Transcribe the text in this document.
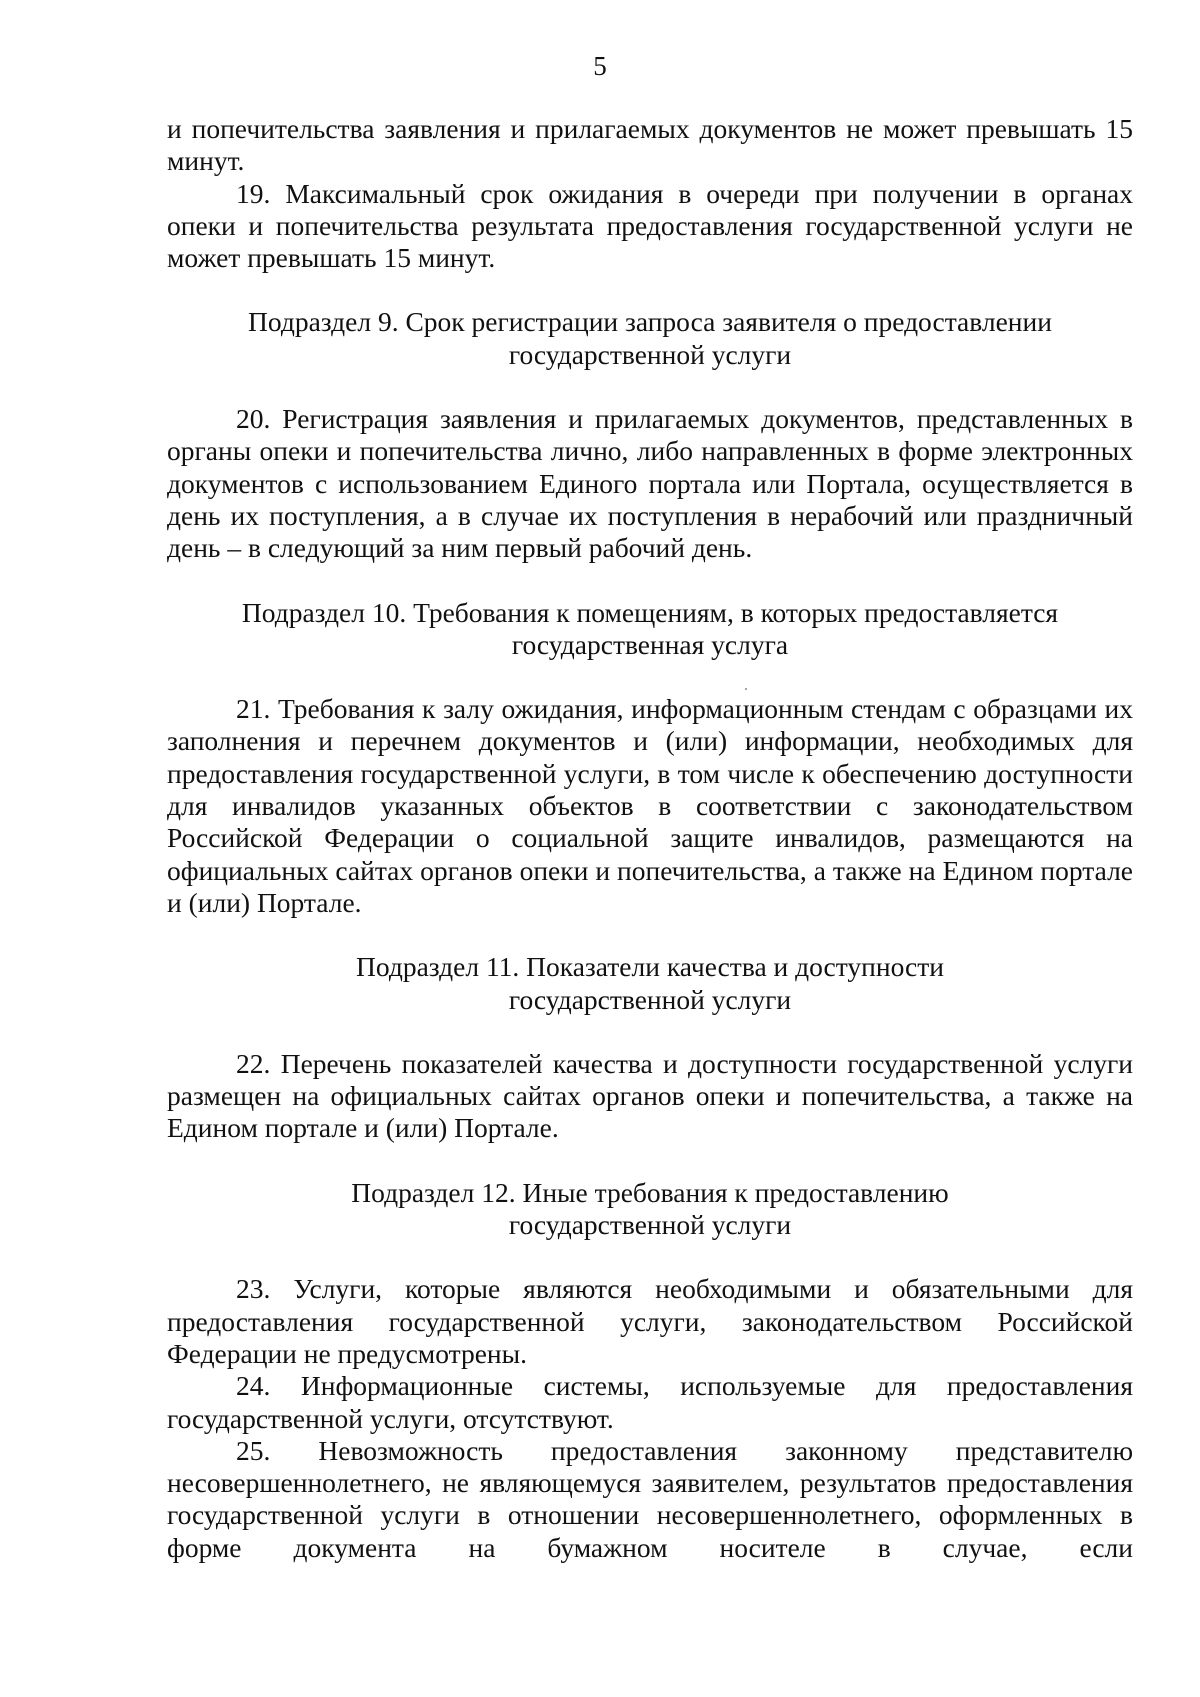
5

и попечительства заявления и прилагаемых документов не может превышать 15 минут.

19. Максимальный срок ожидания в очереди при получении в органах опеки и попечительства результата предоставления государственной услуги не может превышать 15 минут.

Подраздел 9. Срок регистрации запроса заявителя о предоставлении
государственной услуги

20. Регистрация заявления и прилагаемых документов, представленных в органы опеки и попечительства лично, либо направленных в форме электронных документов с использованием Единого портала или Портала, осуществляется в день их поступления, а в случае их поступления в нерабочий или праздничный день – в следующий за ним первый рабочий день.

Подраздел 10. Требования к помещениям, в которых предоставляется
государственная услуга

21. Требования к залу ожидания, информационным стендам с образцами их заполнения и перечнем документов и (или) информации, необходимых для предоставления государственной услуги, в том числе к обеспечению доступности для инвалидов указанных объектов в соответствии с законодательством Российской Федерации о социальной защите инвалидов, размещаются на официальных сайтах органов опеки и попечительства, а также на Едином портале и (или) Портале.

Подраздел 11. Показатели качества и доступности
государственной услуги

22. Перечень показателей качества и доступности государственной услуги размещен на официальных сайтах органов опеки и попечительства, а также на Едином портале и (или) Портале.

Подраздел 12. Иные требования к предоставлению
государственной услуги

23. Услуги, которые являются необходимыми и обязательными для предоставления государственной услуги, законодательством Российской Федерации не предусмотрены.

24. Информационные системы, используемые для предоставления государственной услуги, отсутствуют.

25. Невозможность предоставления законному представителю несовершеннолетнего, не являющемуся заявителем, результатов предоставления государственной услуги в отношении несовершеннолетнего, оформленных в форме документа на бумажном носителе в случае, если
